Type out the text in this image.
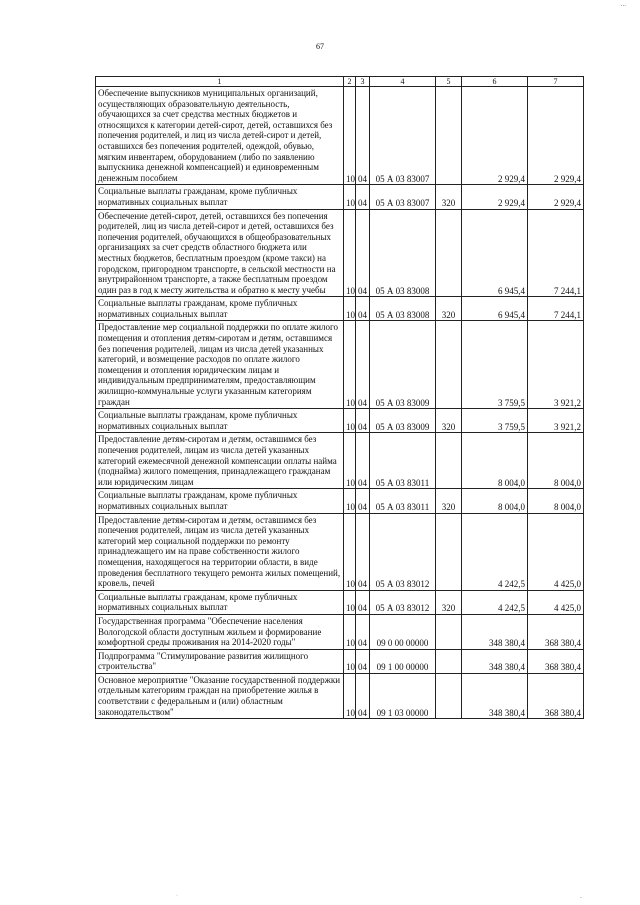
...
67
1	2	3	4	5	6	7
Обеспечение выпускников муниципальных организаций, осуществляющих образовательную деятельность, обучающихся за счет средства местных бюджетов и относящихся к категории детей-сирот, детей, оставшихся без попечения родителей, и лиц из числа детей-сирот и детей, оставшихся без попечения родителей, одеждой, обувью, мягким инвентарем, оборудованием (либо по заявлению выпускника денежной компенсацией) и единовременным денежным пособием	10	04	05 А 03 83007		2 929,4	2 929,4
Социальные выплаты гражданам, кроме публичных нормативных социальных выплат	10	04	05 А 03 83007	320	2 929,4	2 929,4
Обеспечение детей-сирот, детей, оставшихся без попечения родителей, лиц из числа детей-сирот и детей, оставшихся без попечения родителей, обучающихся в общеобразовательных организациях за счет средств областного бюджета или местных бюджетов, бесплатным проездом (кроме такси) на городском, пригородном транспорте, в сельской местности на внутрирайонном транспорте, а также бесплатным проездом один раз в год к месту жительства и обратно к месту учебы	10	04	05 А 03 83008		6 945,4	7 244,1
Социальные выплаты гражданам, кроме публичных нормативных социальных выплат	10	04	05 А 03 83008	320	6 945,4	7 244,1
Предоставление мер социальной поддержки по оплате жилого помещения и отопления детям-сиротам и детям, оставшимся без попечения родителей, лицам из числа детей указанных категорий, и возмещение расходов по оплате жилого помещения и отопления юридическим лицам и индивидуальным предпринимателям, предоставляющим жилищно-коммунальные услуги указанным категориям граждан	10	04	05 А 03 83009		3 759,5	3 921,2
Социальные выплаты гражданам, кроме публичных нормативных социальных выплат	10	04	05 А 03 83009	320	3 759,5	3 921,2
Предоставление детям-сиротам и детям, оставшимся без попечения родителей, лицам из числа детей указанных категорий ежемесячной денежной компенсации оплаты найма (поднайма) жилого помещения, принадлежащего гражданам или юридическим лицам	10	04	05 А 03 83011		8 004,0	8 004,0
Социальные выплаты гражданам, кроме публичных нормативных социальных выплат	10	04	05 А 03 83011	320	8 004,0	8 004,0
Предоставление детям-сиротам и детям, оставшимся без попечения родителей, лицам из числа детей указанных категорий мер социальной поддержки по ремонту принадлежащего им на праве собственности жилого помещения, находящегося на территории области, в виде проведения бесплатного текущего ремонта жилых помещений, кровель, печей	10	04	05 А 03 83012		4 242,5	4 425,0
Социальные выплаты гражданам, кроме публичных нормативных социальных выплат	10	04	05 А 03 83012	320	4 242,5	4 425,0
Государственная программа "Обеспечение населения Вологодской области доступным жильем и формирование комфортной среды проживания на 2014-2020 годы"	10	04	09 0 00 00000		348 380,4	368 380,4
Подпрограмма "Стимулирование развития жилищного строительства"	10	04	09 1 00 00000		348 380,4	368 380,4
Основное мероприятие "Оказание государственной поддержки отдельным категориям граждан на приобретение жилья в соответствии с федеральным и (или) областным законодательством"	10	04	09 1 03 00000		348 380,4	368 380,4
·	-
